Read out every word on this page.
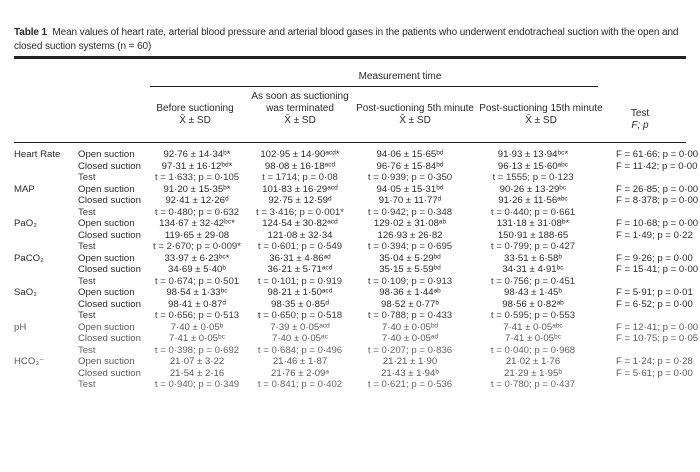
Table 1 Mean values of heart rate, arterial blood pressure and arterial blood gases in the patients who underwent endotracheal suction with the open and closed suction systems (n = 60)
Measurement time
Before suctioning
X̄ ± SD
As soon as suctioning
was terminated
X̄ ± SD
Post-suctioning 5th minute
X̄ ± SD
Post-suctioning 15th minute
X̄ ± SD
Test
F; p
Heart Rate Open suction	92·76 ± 14·34ᵇ*	102·95 ± 14·90ᵃᶜᵈ*	94·06 ± 15·65ᵇᵈ	91·93 ± 13·94ᵇᶜ*	F = 61·66; p = 0·00
Closed suction	97·31 ± 16·12ᵇᵈ*	98·08 ± 16·18ᵃᶜᵈ	96·76 ± 15·84ᵇᵈ	96·13 ± 15·60ᵃᵇᶜ	F = 11·42; p = 0·00
Test	t = 1·633; p = 0·105	t = 1714; p = 0·08	t = 0·939; p = 0·350	t = 1555; p = 0·123
MAP	Open suction	91·20 ± 15·35ᵇ*	101·83 ± 16·29ᵃᶜᵈ	94·05 ± 15·31ᵇᵈ	90·26 ± 13·29ᵇᶜ	F = 26·85; p = 0·00
Closed suction	92·41 ± 12·26ᵈ	92·75 ± 12·59ᵈ	91·70 ± 11·77ᵈ	91·26 ± 11·56ᵃᵇᶜ	F = 8·378; p = 0·00
Test	t = 0·480; p = 0·632	t = 3·416; p = 0·001*	t = 0·942; p = 0·348	t = 0·440; p = 0·661
PaO₂	Open suction	134·67 ± 32·42ᵇᶜ*	124·54 ± 30·82ᵃᶜᵈ	129·02 ± 31·08ᵃᵇ	131·18 ± 31·08ᵇ*	F = 10·68; p = 0·00
Closed suction	119·65 ± 29·08	121·08 ± 32·34	126·93 ± 26·82	150·91 ± 188·65	F = 1·49; p = 0·22
Test	t = 2·670; p = 0·009*	t = 0·601; p = 0·549	t = 0·394; p = 0·695	t = 0·799; p = 0·427
PaCO₂	Open suction	33·97 ± 6·23ᵇᶜ*	36·31 ± 4·86ᵃᵈ	35·04 ± 5·29ᵇᵈ	33·51 ± 6·58ᵇ	F = 9·26; p = 0·00
Closed suction	34·69 ± 5·40ᵇ	36·21 ± 5·71ᵃᶜᵈ	35·15 ± 5·59ᵇᵈ	34·31 ± 4·91ᵇᶜ	F = 15·41; p = 0·00
Test	t = 0·674; p = 0·501	t = 0·101; p = 0·919	t = 0·109; p = 0·913	t = 0·756; p = 0·451
SaO₂	Open suction	98·54 ± 1·33ᵇᶜ	98·21 ± 1·50ᵃᶜᵈ	98·36 ± 1·44ᵃᵇ	98·43 ± 1·45ᵇ	F = 5·91; p = 0·01
Closed suction	98·41 ± 0·87ᵈ	98·35 ± 0·85ᵈ	98·52 ± 0·77ᵇ	98·56 ± 0·82ᵃᵇ	F = 6·52; p = 0·00
Test	t = 0·656; p = 0·513	t = 0·650; p = 0·518	t = 0·788; p = 0·433	t = 0·595; p = 0·553
pH	Open suction	7·40 ± 0·05ᵇ	7·39 ± 0·05ᵃᶜᵈ	7·40 ± 0·05ᵇᵈ	7·41 ± 0·05ᵃᵇᶜ	F = 12·41; p = 0·00
Closed suction	7·41 ± 0·05ᵇᶜ	7·40 ± 0·05ᵃᶜ	7·40 ± 0·05ᵃᵈ	7·41 ± 0·05ᵇᶜ	F = 10·75; p = 0·05
Test	t = 0·398; p = 0·692	t = 0·684; p = 0·496	t = 0·207; p = 0·836	t = 0·040; p = 0·968
HCO₃⁻	Open suction	21·07 ± 3·22	21·46 ± 1·87	21·21 ± 1·90	21·02 ± 1·76	F = 1·24; p = 0·28
Closed suction	21·54 ± 2·16	21·76 ± 2·09ᵃ	21·43 ± 1·94ᵇ	21·29 ± 1·95ᵇ	F = 5·61; p = 0·00
Test	t = 0·940; p = 0·349	t = 0·841; p = 0·402	t = 0·621; p = 0·536	t = 0·780; p = 0·437
